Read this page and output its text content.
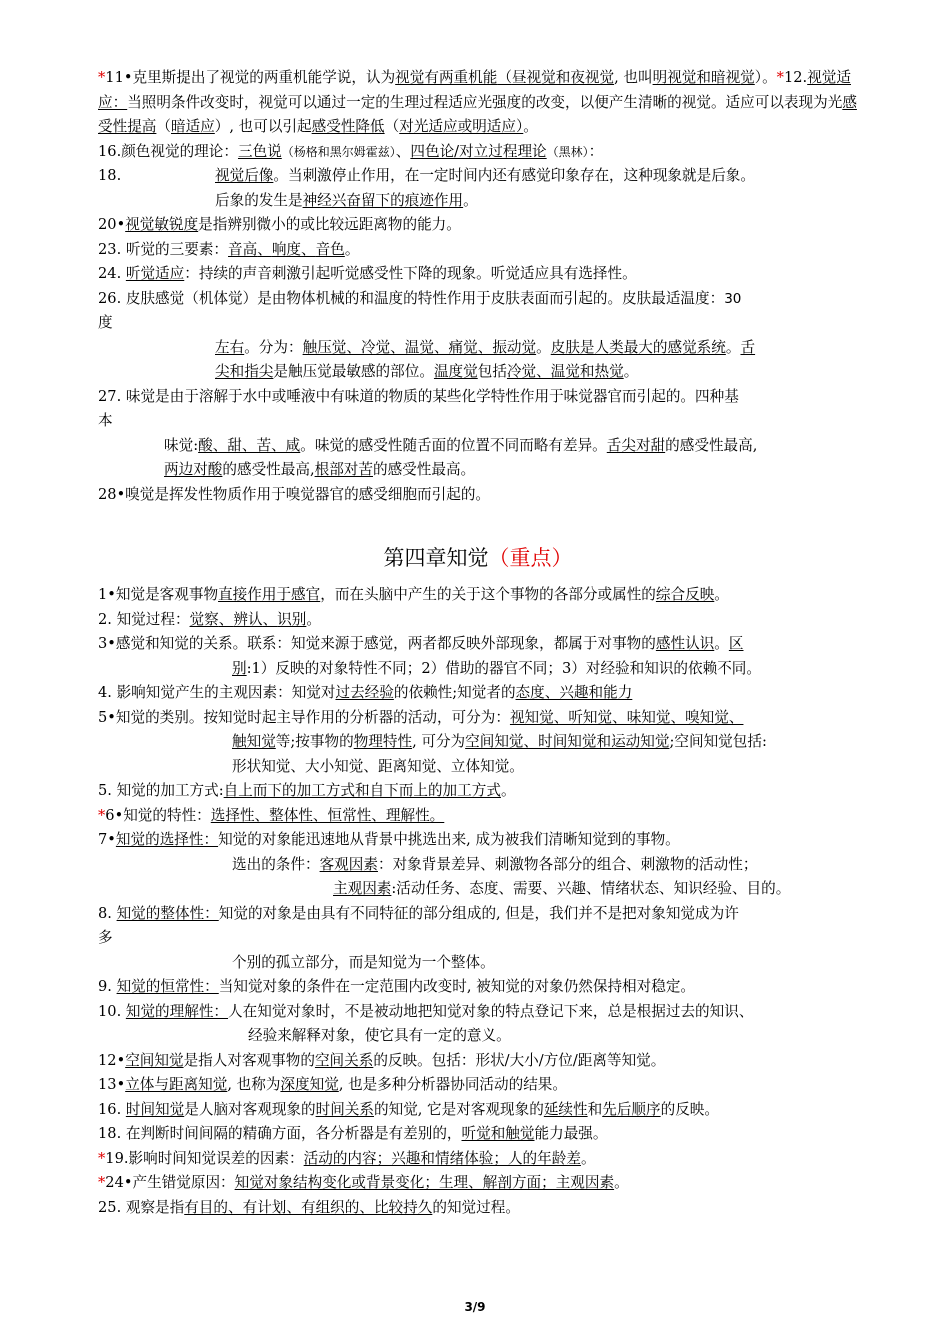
*11•克里斯提出了视觉的两重机能学说，认为视觉有两重机能（昼视觉和夜视觉, 也叫明视觉和暗视觉）。*12.视觉适应：当照明条件改变时，视觉可以通过一定的生理过程适应光强度的改变，以便产生清晰的视觉。适应可以表现为光感受性提高（暗适应）, 也可以引起感受性降低（对光适应或明适应）。

16.颜色视觉的理论：三色说（杨格和黑尔姆霍兹）、四色论/对立过程理论（黑林）：

18.	视觉后像。当刺激停止作用，在一定时间内还有感觉印象存在，这种现象就是后象。

后象的发生是神经兴奋留下的痕迹作用。

20•视觉敏锐度是指辨别微小的或比较远距离物的能力。

23. 听觉的三要素：音高、响度、音色。

24. 听觉适应：持续的声音刺激引起听觉感受性下降的现象。听觉适应具有选择性。

26. 皮肤感觉（机体觉）是由物体机械的和温度的特性作用于皮肤表面而引起的。皮肤最适温度：30

度

左右。分为：触压觉、冷觉、温觉、痛觉、振动觉。皮肤是人类最大的感觉系统。舌

尖和指尖是触压觉最敏感的部位。温度觉包括冷觉、温觉和热觉。

27. 味觉是由于溶解于水中或唾液中有味道的物质的某些化学特性作用于味觉器官而引起的。四种基

本

味觉:酸、甜、苦、咸。味觉的感受性随舌面的位置不同而略有差异。舌尖对甜的感受性最高,

两边对酸的感受性最高,根部对苦的感受性最高。

28•嗅觉是挥发性物质作用于嗅觉器官的感受细胞而引起的。

第四章知觉（重点）

1•知觉是客观事物直接作用于感官，而在头脑中产生的关于这个事物的各部分或属性的综合反映。

2. 知觉过程：觉察、辨认、识别。

3•感觉和知觉的关系。联系：知觉来源于感觉，两者都反映外部现象，都属于对事物的感性认识。区

别:1）反映的对象特性不同；2）借助的器官不同；3）对经验和知识的依赖不同。

4. 影响知觉产生的主观因素：知觉对过去经验的依赖性;知觉者的态度、兴趣和能力

5•知觉的类别。按知觉时起主导作用的分析器的活动，可分为：视知觉、听知觉、味知觉、嗅知觉、

触知觉等;按事物的物理特性, 可分为空间知觉、时间知觉和运动知觉;空间知觉包括:

形状知觉、大小知觉、距离知觉、立体知觉。

5. 知觉的加工方式:自上而下的加工方式和自下而上的加工方式。

*6•知觉的特性：选择性、整体性、恒常性、理解性。

7•知觉的选择性：知觉的对象能迅速地从背景中挑选出来, 成为被我们清晰知觉到的事物。

选出的条件：客观因素：对象背景差异、刺激物各部分的组合、刺激物的活动性；

主观因素:活动任务、态度、需要、兴趣、情绪状态、知识经验、目的。

8. 知觉的整体性：知觉的对象是由具有不同特征的部分组成的, 但是，我们并不是把对象知觉成为许

多

个别的孤立部分，而是知觉为一个整体。

9. 知觉的恒常性：当知觉对象的条件在一定范围内改变时, 被知觉的对象仍然保持相对稳定。

10. 知觉的理解性：人在知觉对象时，不是被动地把知觉对象的特点登记下来，总是根据过去的知识、

经验来解释对象，使它具有一定的意义。

12•空间知觉是指人对客观事物的空间关系的反映。包括：形状/大小/方位/距离等知觉。

13•立体与距离知觉, 也称为深度知觉, 也是多种分析器协同活动的结果。

16. 时间知觉是人脑对客观现象的时间关系的知觉, 它是对客观现象的延续性和先后顺序的反映。

18. 在判断时间间隔的精确方面，各分析器是有差别的，听觉和触觉能力最强。

*19.影响时间知觉误差的因素：活动的内容；兴趣和情绪体验；人的年龄差。

*24•产生错觉原因：知觉对象结构变化或背景变化；生理、解剖方面；主观因素。

25. 观察是指有目的、有计划、有组织的、比较持久的知觉过程。

3/9
